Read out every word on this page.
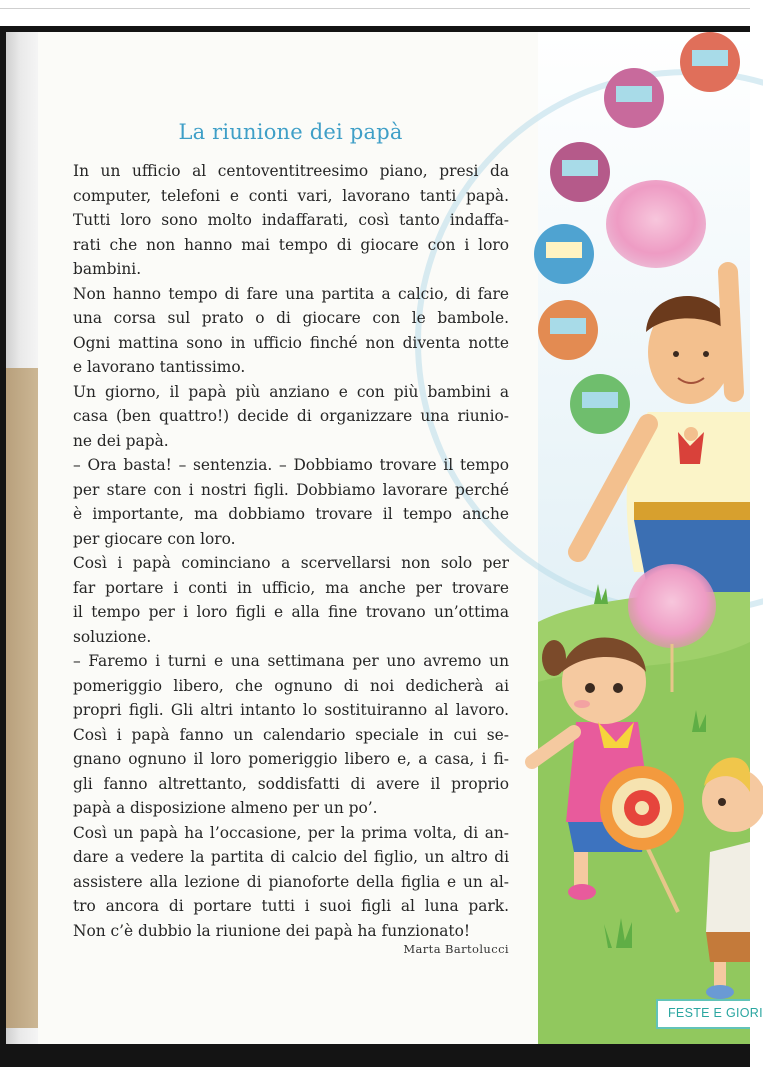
La riunione dei papà
In un ufficio al centoventitreesimo piano, presi da
computer, telefoni e conti vari, lavorano tanti papà.
Tutti loro sono molto indaffarati, così tanto indaffa-
rati che non hanno mai tempo di giocare con i loro
bambini.
Non hanno tempo di fare una partita a calcio, di fare
una corsa sul prato o di giocare con le bambole.
Ogni mattina sono in ufficio finché non diventa notte
e lavorano tantissimo.
Un giorno, il papà più anziano e con più bambini a
casa (ben quattro!) decide di organizzare una riunio-
ne dei papà.
– Ora basta! – sentenzia. – Dobbiamo trovare il tempo
per stare con i nostri figli. Dobbiamo lavorare perché
è importante, ma dobbiamo trovare il tempo anche
per giocare con loro.
Così i papà cominciano a scervellarsi non solo per
far portare i conti in ufficio, ma anche per trovare
il tempo per i loro figli e alla fine trovano un’ottima
soluzione.
– Faremo i turni e una settimana per uno avremo un
pomeriggio libero, che ognuno di noi dedicherà ai
propri figli. Gli altri intanto lo sostituiranno al lavoro.
Così i papà fanno un calendario speciale in cui se-
gnano ognuno il loro pomeriggio libero e, a casa, i fi-
gli fanno altrettanto, soddisfatti di avere il proprio
papà a disposizione almeno per un po’.
Così un papà ha l’occasione, per la prima volta, di an-
dare a vedere la partita di calcio del figlio, un altro di
assistere alla lezione di pianoforte della figlia e un al-
tro ancora di portare tutti i suoi figli al luna park.
Non c’è dubbio la riunione dei papà ha funzionato!
Marta Bartolucci
FESTE E GIORI
